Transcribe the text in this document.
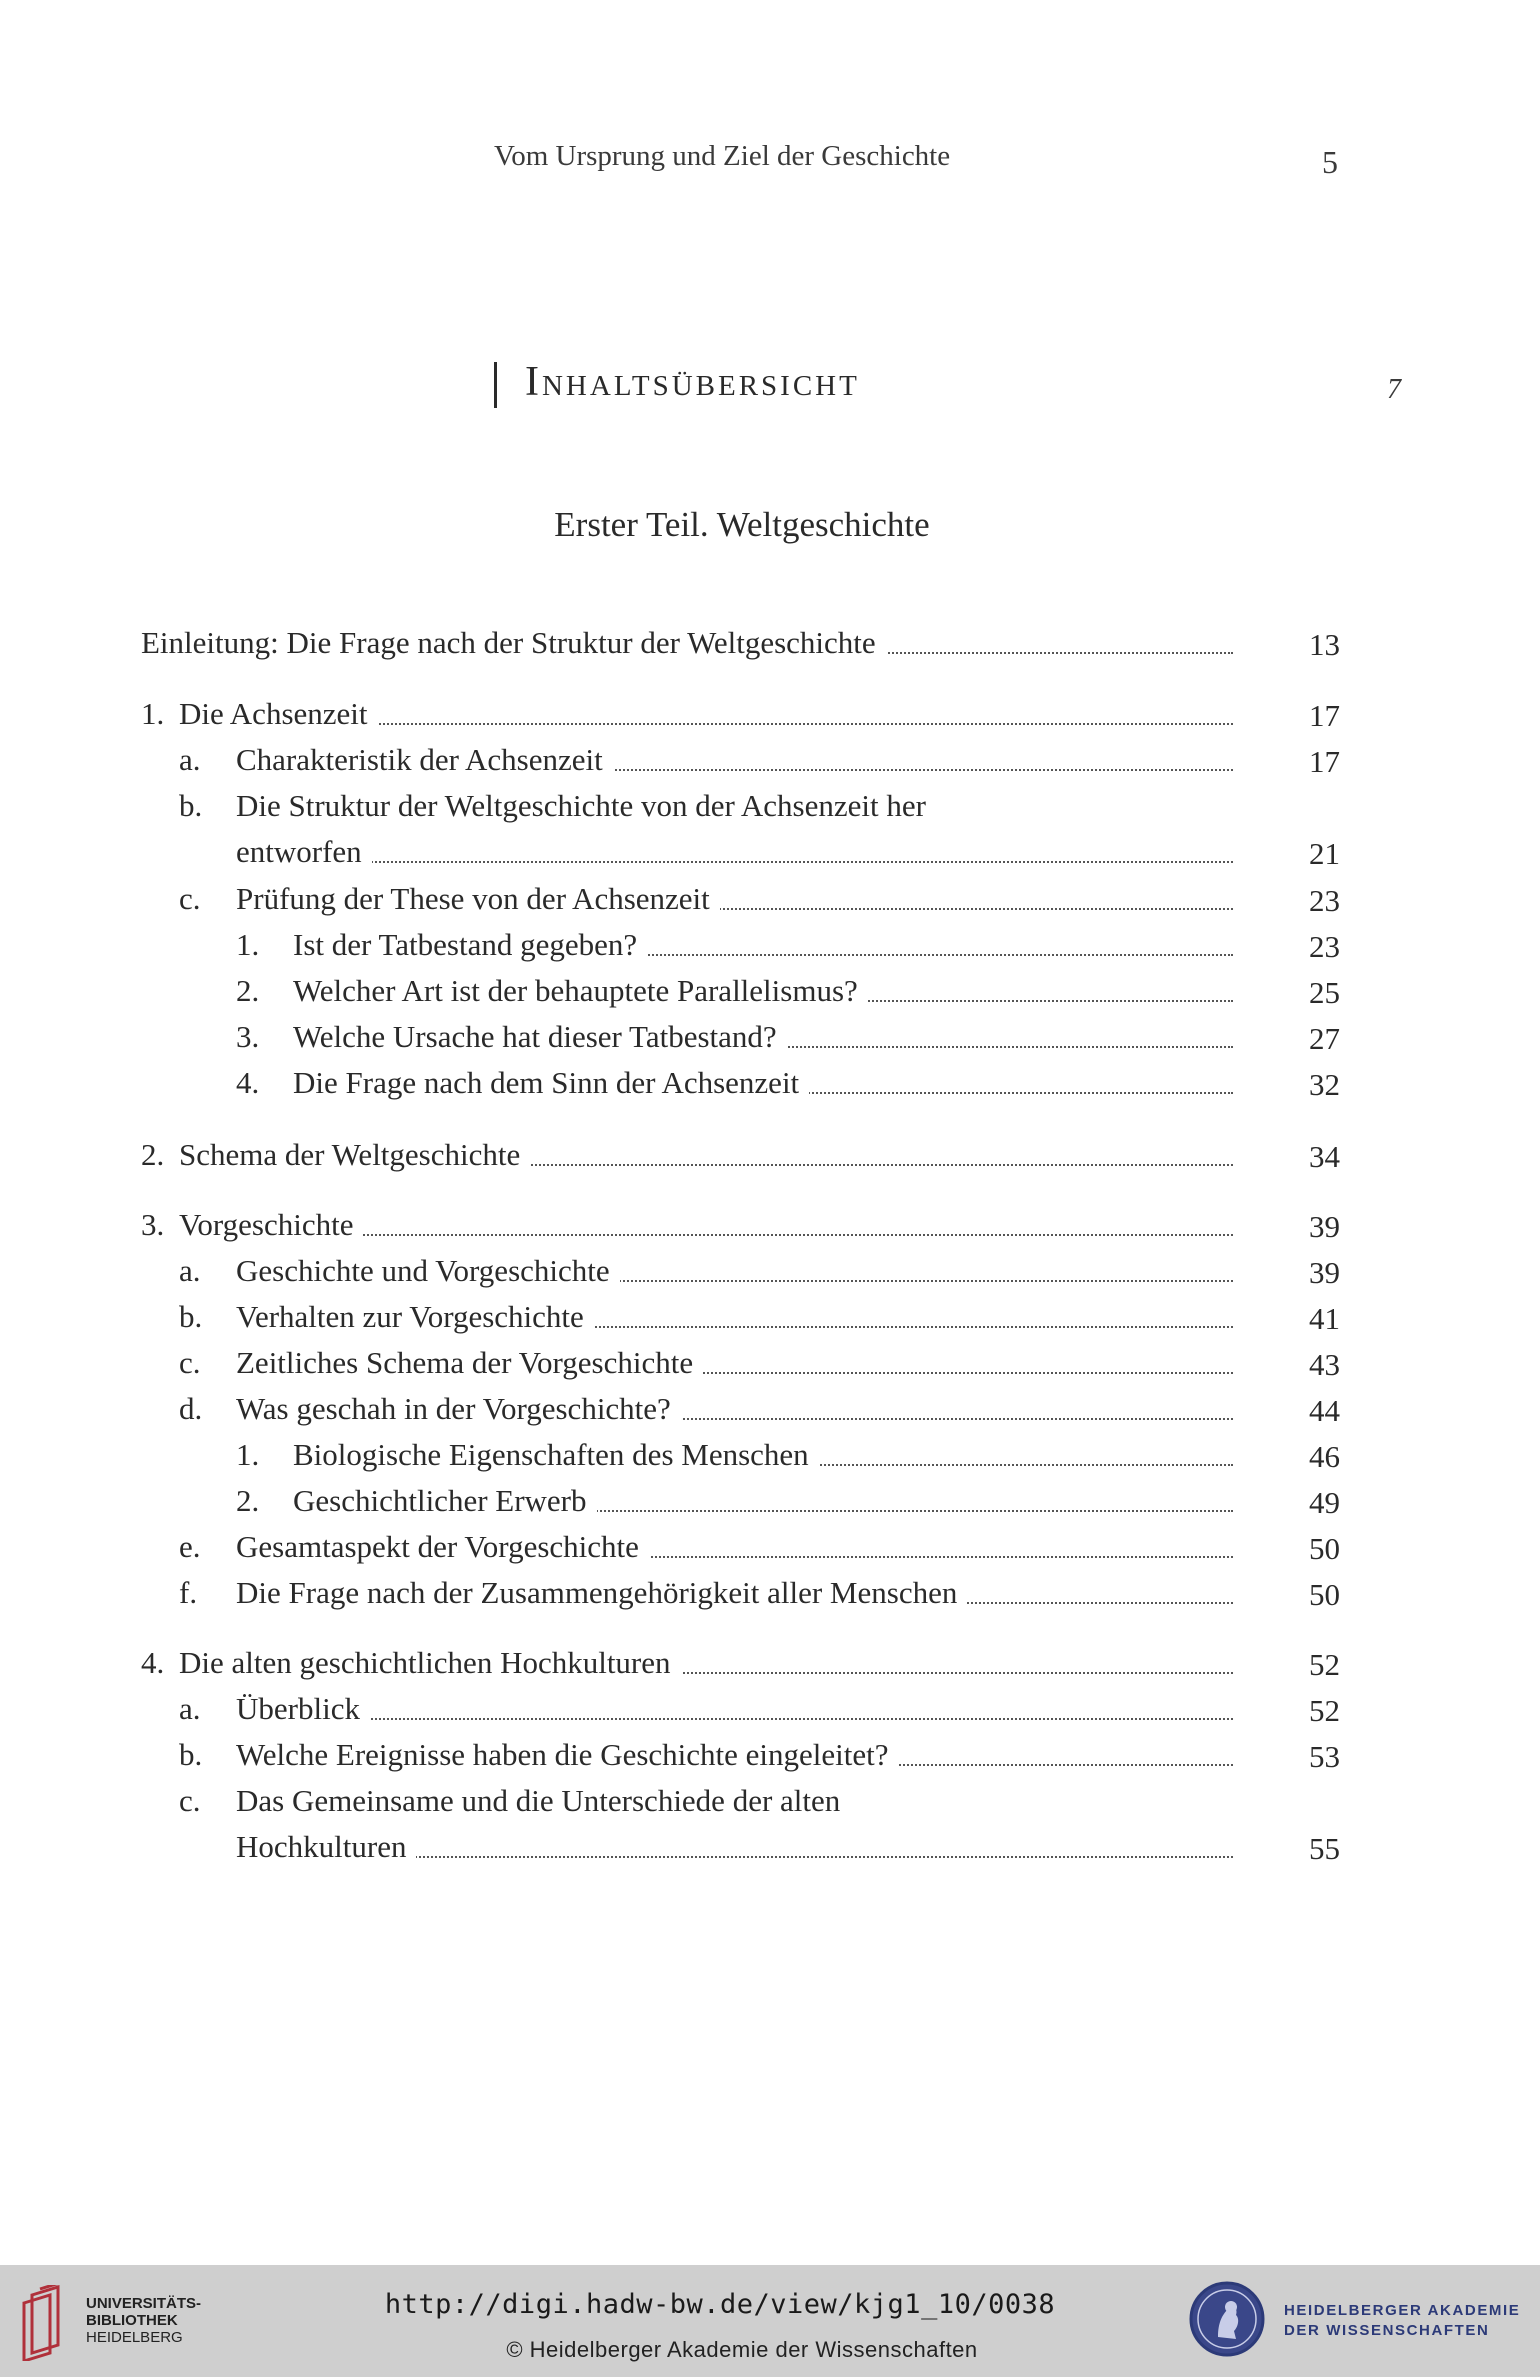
Vom Ursprung und Ziel der Geschichte	5
Inhaltsübersicht	7
Erster Teil. Weltgeschichte
Einleitung: Die Frage nach der Struktur der Weltgeschichte	13
1. Die Achsenzeit	17
a. Charakteristik der Achsenzeit	17
b. Die Struktur der Weltgeschichte von der Achsenzeit her
entworfen	21
c. Prüfung der These von der Achsenzeit	23
1. Ist der Tatbestand gegeben?	23
2. Welcher Art ist der behauptete Parallelismus?	25
3. Welche Ursache hat dieser Tatbestand?	27
4. Die Frage nach dem Sinn der Achsenzeit	32
2. Schema der Weltgeschichte	34
3. Vorgeschichte	39
a. Geschichte und Vorgeschichte	39
b. Verhalten zur Vorgeschichte	41
c. Zeitliches Schema der Vorgeschichte	43
d. Was geschah in der Vorgeschichte?	44
1. Biologische Eigenschaften des Menschen	46
2. Geschichtlicher Erwerb	49
e. Gesamtaspekt der Vorgeschichte	50
f. Die Frage nach der Zusammengehörigkeit aller Menschen	50
4. Die alten geschichtlichen Hochkulturen	52
a. Überblick	52
b. Welche Ereignisse haben die Geschichte eingeleitet?	53
c. Das Gemeinsame und die Unterschiede der alten
Hochkulturen	55
UNIVERSITÄTS-
BIBLIOTHEK
HEIDELBERG
http://digi.hadw-bw.de/view/kjg1_10/0038
© Heidelberger Akademie der Wissenschaften
HEIDELBERGER AKADEMIE
DER WISSENSCHAFTEN
